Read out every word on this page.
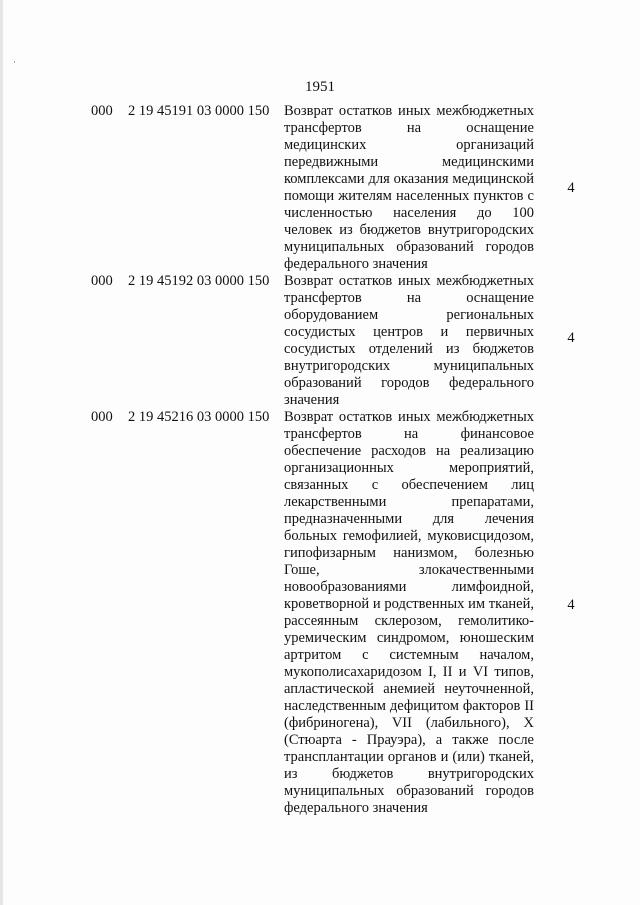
1951
000 2 19 45191 03 0000 150 Возврат остатков иных межбюджетных трансфертов на оснащение медицинских организаций передвижными медицинскими комплексами для оказания медицинской помощи жителям населенных пунктов с численностью населения до 100 человек из бюджетов внутригородских муниципальных образований городов федерального значения
4
000 2 19 45192 03 0000 150 Возврат остатков иных межбюджетных трансфертов на оснащение оборудованием региональных сосудистых центров и первичных сосудистых отделений из бюджетов внутригородских муниципальных образований городов федерального значения
4
000 2 19 45216 03 0000 150 Возврат остатков иных межбюджетных трансфертов на финансовое обеспечение расходов на реализацию организационных мероприятий, связанных с обеспечением лиц лекарственными препаратами, предназначенными для лечения больных гемофилией, муковисцидозом, гипофизарным нанизмом, болезнью Гоше, злокачественными новообразованиями лимфоидной, кроветворной и родственных им тканей, рассеянным склерозом, гемолитико-уремическим синдромом, юношеским артритом с системным началом, мукополисахаридозом I, II и VI типов, апластической анемией неуточненной, наследственным дефицитом факторов II (фибриногена), VII (лабильного), X (Стюарта - Прауэра), а также после трансплантации органов и (или) тканей, из бюджетов внутригородских муниципальных образований городов федерального значения
4
